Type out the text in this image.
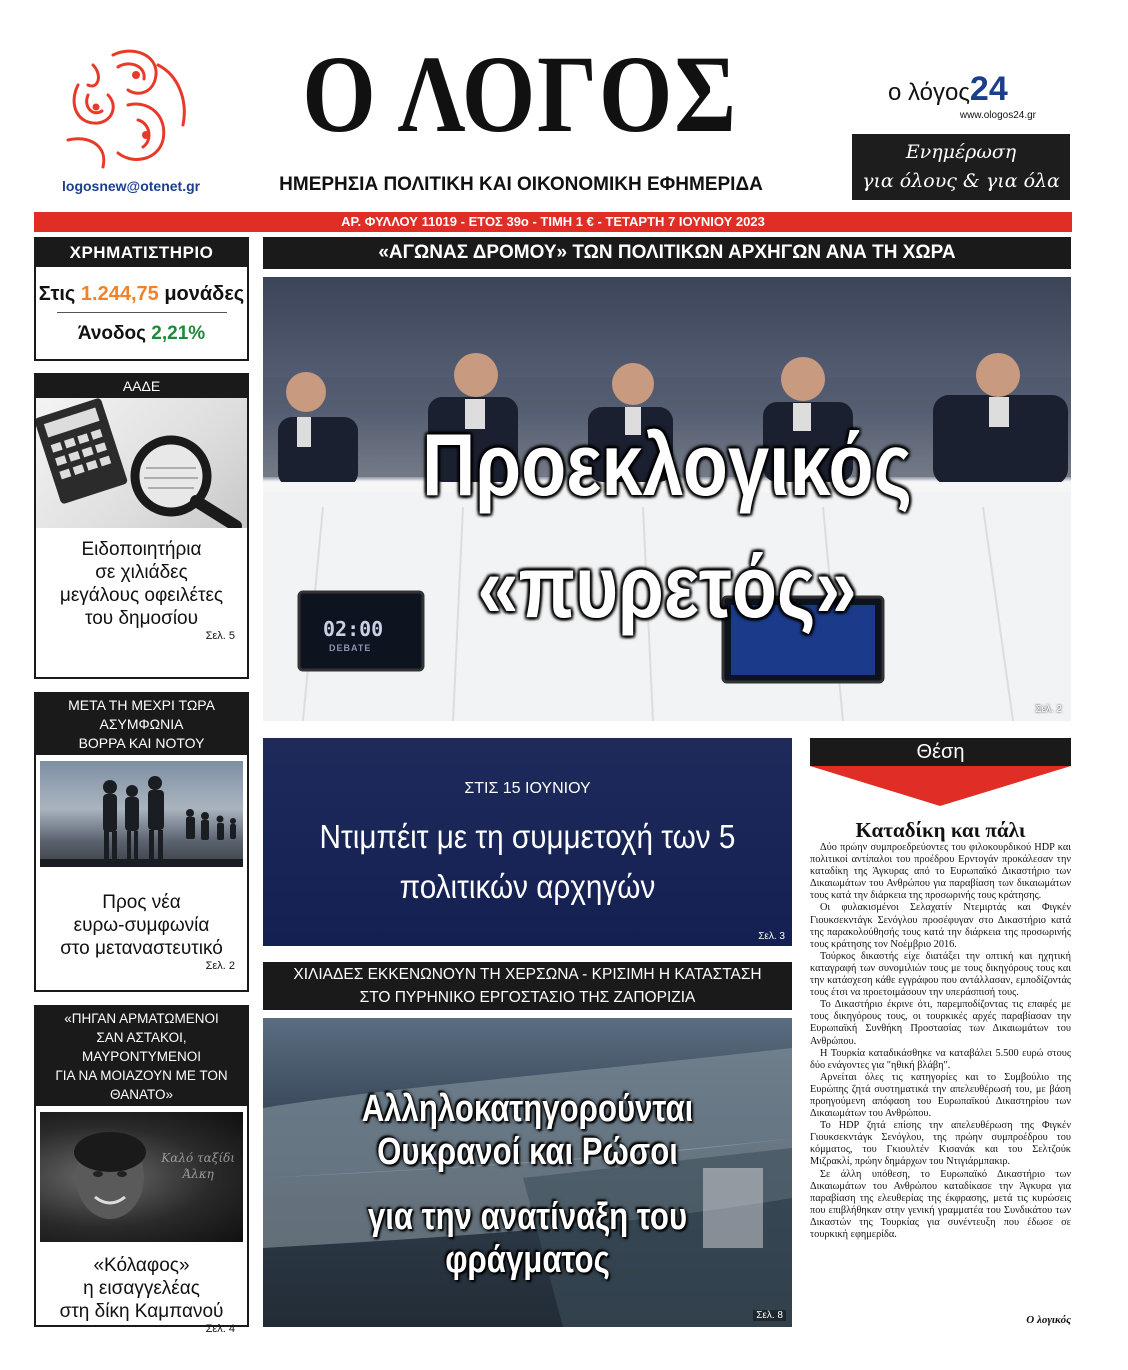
logosnew@otenet.gr
Ο ΛΟΓΟΣ
ΗΜΕΡΗΣΙΑ ΠΟΛΙΤΙΚΗ ΚΑΙ ΟΙΚΟΝΟΜΙΚΗ ΕΦΗΜΕΡΙΔΑ
ο λόγος24
www.ologos24.gr
Ενημέρωση
για όλους & για όλα
ΑΡ. ΦΥΛΛΟΥ 11019 - ΕΤΟΣ 39ο - ΤΙΜΗ 1 € - ΤΕΤΑΡΤΗ 7 ΙΟΥΝΙΟΥ 2023
ΧΡΗΜΑΤΙΣΤΗΡΙΟ
Στις 1.244,75 μονάδες
Άνοδος 2,21%
ΑΑΔΕ
Ειδοποιητήρια
σε χιλιάδες
μεγάλους οφειλέτες
του δημοσίου
Σελ. 5
ΜΕΤΑ ΤΗ ΜΕΧΡΙ ΤΩΡΑ ΑΣΥΜΦΩΝΙΑ
ΒΟΡΡΑ ΚΑΙ ΝΟΤΟΥ
Προς νέα
ευρω-συμφωνία
στο μεταναστευτικό
Σελ. 2
«ΠΗΓΑΝ ΑΡΜΑΤΩΜΕΝΟΙ
ΣΑΝ ΑΣΤΑΚΟΙ, ΜΑΥΡΟΝΤΥΜΕΝΟΙ
ΓΙΑ ΝΑ ΜΟΙΑΖΟΥΝ ΜΕ ΤΟΝ ΘΑΝΑΤΟ»
Καλό ταξίδι
Άλκη
«Κόλαφος»
η εισαγγελέας
στη δίκη Καμπανού
Σελ. 4
«ΑΓΩΝΑΣ ΔΡΟΜΟΥ» ΤΩΝ ΠΟΛΙΤΙΚΩΝ ΑΡΧΗΓΩΝ ΑΝΑ ΤΗ ΧΩΡΑ
02:00
DEBATE
Προεκλογικός
«πυρετός»
Σελ. 2
ΣΤΙΣ 15 ΙΟΥΝΙΟΥ
Ντιμπέιτ με τη συμμετοχή των 5
πολιτικών αρχηγών
Σελ. 3
ΧΙΛΙΑΔΕΣ ΕΚΚΕΝΩΝΟΥΝ ΤΗ ΧΕΡΣΩΝΑ - ΚΡΙΣΙΜΗ Η ΚΑΤΑΣΤΑΣΗ
ΣΤΟ ΠΥΡΗΝΙΚΟ ΕΡΓΟΣΤΑΣΙΟ ΤΗΣ ΖΑΠΟΡΙΖΙΑ
Αλληλοκατηγορούνται Ουκρανοί και Ρώσοι
για την ανατίναξη του φράγματος
Σελ. 8
Θέση
Καταδίκη και πάλι

Δύο πρώην συμπροεδρεύοντες του φιλοκουρδικού HDP και πολιτικοί αντίπαλοι του προέδρου Ερντογάν προκάλεσαν την καταδίκη της Άγκυρας από το Ευρωπαϊκό Δικαστήριο των Δικαιωμάτων του Ανθρώπου για παραβίαση των δικαιωμάτων τους κατά την διάρκεια της προσωρινής τους κράτησης.

Οι φυλακισμένοι Σελαχατίν Ντεμιρτάς και Φιγκέν Γιουκσεκντάγκ Σενόγλου προσέφυγαν στο Δικαστήριο κατά της παρακολούθησής τους κατά την διάρκεια της προσωρινής τους κράτησης τον Νοέμβριο 2016.

Τούρκος δικαστής είχε διατάξει την οπτική και ηχητική καταγραφή των συνομιλιών τους με τους δικηγόρους τους και την κατάσχεση κάθε εγγράφου που αντάλλασαν, εμποδίζοντάς τους έτσι να προετοιμάσουν την υπεράσπισή τους.

Το Δικαστήριο έκρινε ότι, παρεμποδίζοντας τις επαφές με τους δικηγόρους τους, οι τουρκικές αρχές παραβίασαν την Ευρωπαϊκή Συνθήκη Προστασίας των Δικαιωμάτων του Ανθρώπου.

Η Τουρκία καταδικάσθηκε να καταβάλει 5.500 ευρώ στους δύο ενάγοντες για "ηθική βλάβη".

Αρνείται όλες τις κατηγορίες και το Συμβούλιο της Ευρώπης ζητά συστηματικά την απελευθέρωσή του, με βάση προηγούμενη απόφαση του Ευρωπαϊκού Δικαστηρίου των Δικαιωμάτων του Ανθρώπου.

Το HDP ζητά επίσης την απελευθέρωση της Φιγκέν Γιουκσεκντάγκ Σενόγλου, της πρώην συμπροέδρου του κόμματος, του Γκιουλτέν Κισανάκ και του Σελτζούκ Μιζρακλί, πρώην δημάρχων του Ντιγιάρμπακιρ.

Σε άλλη υπόθεση, το Ευρωπαϊκό Δικαστήριο των Δικαιωμάτων του Ανθρώπου καταδίκασε την Άγκυρα για παραβίαση της ελευθερίας της έκφρασης, μετά τις κυρώσεις που επιβλήθηκαν στην γενική γραμματέα του Συνδικάτου των Δικαστών της Τουρκίας για συνέντευξη που έδωσε σε τουρκική εφημερίδα.

Ο λογικός
